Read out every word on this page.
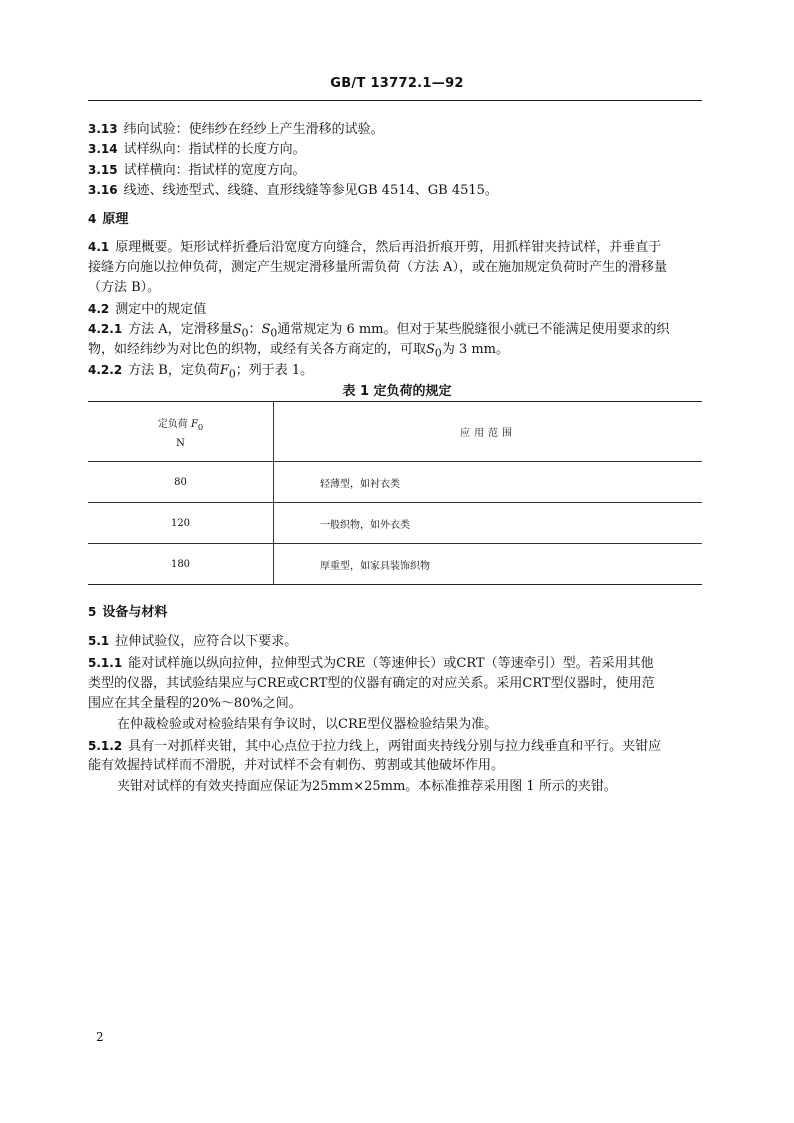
GB/T 13772.1—92
3.13 纬向试验：使纬纱在经纱上产生滑移的试验。
3.14 试样纵向：指试样的长度方向。
3.15 试样横向：指试样的宽度方向。
3.16 线迹、线迹型式、线缝、直形线缝等参见GB 4514、GB 4515。
4 原理
4.1 原理概要。矩形试样折叠后沿宽度方向缝合，然后再沿折痕开剪，用抓样钳夹持试样，并垂直于
接缝方向施以拉伸负荷，测定产生规定滑移量所需负荷（方法 A），或在施加规定负荷时产生的滑移量
（方法 B）。
4.2 测定中的规定值
4.2.1 方法 A，定滑移量$S_0$：$S_0$通常规定为 6 mm。但对于某些脱缝很小就已不能满足使用要求的织
物，如经纬纱为对比色的织物，或经有关各方商定的，可取$S_0$为 3 mm。
4.2.2 方法 B，定负荷$F_0$；列于表 1。
表 1 定负荷的规定
定负荷 $F_0$
N	应用范围
80	轻薄型，如衬衣类
120	一般织物，如外衣类
180	厚重型，如家具装饰织物
5 设备与材料
5.1 拉伸试验仪，应符合以下要求。
5.1.1 能对试样施以纵向拉伸，拉伸型式为CRE（等速伸长）或CRT（等速牵引）型。若采用其他
类型的仪器，其试验结果应与CRE或CRT型的仪器有确定的对应关系。采用CRT型仪器时，使用范
围应在其全量程的20%～80%之间。
在仲裁检验或对检验结果有争议时，以CRE型仪器检验结果为准。
5.1.2 具有一对抓样夹钳，其中心点位于拉力线上，两钳面夹持线分别与拉力线垂直和平行。夹钳应
能有效握持试样而不滑脱，并对试样不会有刺伤、剪割或其他破坏作用。
夹钳对试样的有效夹持面应保证为25mm×25mm。本标准推荐采用图 1 所示的夹钳。
2
